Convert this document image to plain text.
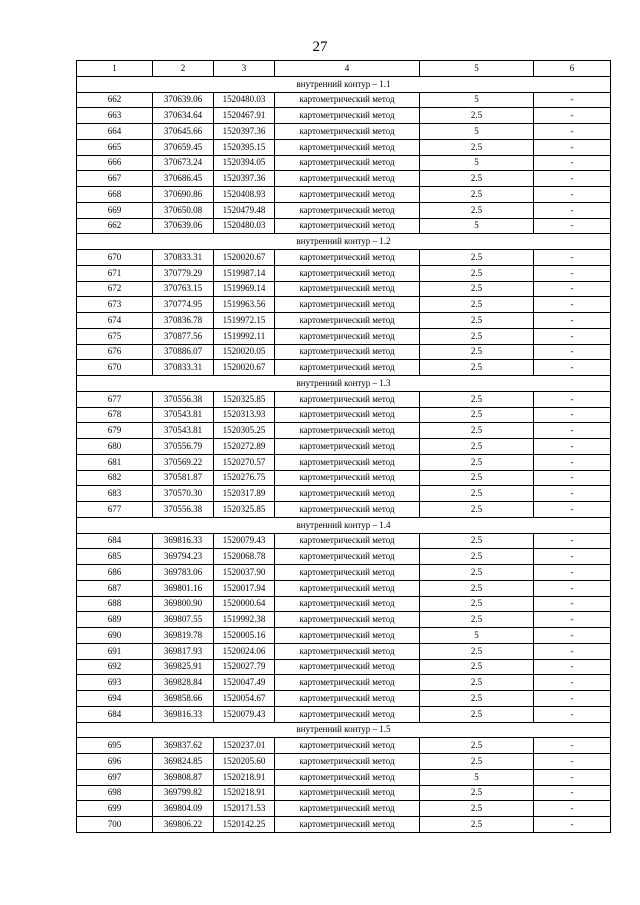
27
1	2	3	4	5	6
внутренний контур – 1.1					
662	370639.06	1520480.03	картометрический метод	5	-
663	370634.64	1520467.91	картометрический метод	2.5	-
664	370645.66	1520397.36	картометрический метод	5	-
665	370659.45	1520395.15	картометрический метод	2.5	-
666	370673.24	1520394.05	картометрический метод	5	-
667	370686.45	1520397.36	картометрический метод	2.5	-
668	370690.86	1520408.93	картометрический метод	2.5	-
669	370650.08	1520479.48	картометрический метод	2.5	-
662	370639.06	1520480.03	картометрический метод	5	-
внутренний контур – 1.2					
670	370833.31	1520020.67	картометрический метод	2.5	-
671	370779.29	1519987.14	картометрический метод	2.5	-
672	370763.15	1519969.14	картометрический метод	2.5	-
673	370774.95	1519963.56	картометрический метод	2.5	-
674	370836.78	1519972.15	картометрический метод	2.5	-
675	370877.56	1519992.11	картометрический метод	2.5	-
676	370886.07	1520020.05	картометрический метод	2.5	-
670	370833.31	1520020.67	картометрический метод	2.5	-
внутренний контур – 1.3					
677	370556.38	1520325.85	картометрический метод	2.5	-
678	370543.81	1520313.93	картометрический метод	2.5	-
679	370543.81	1520305.25	картометрический метод	2.5	-
680	370556.79	1520272.89	картометрический метод	2.5	-
681	370569.22	1520270.57	картометрический метод	2.5	-
682	370581.87	1520276.75	картометрический метод	2.5	-
683	370570.30	1520317.89	картометрический метод	2.5	-
677	370556.38	1520325.85	картометрический метод	2.5	-
внутренний контур – 1.4					
684	369816.33	1520079.43	картометрический метод	2.5	-
685	369794.23	1520068.78	картометрический метод	2.5	-
686	369783.06	1520037.90	картометрический метод	2.5	-
687	369801.16	1520017.94	картометрический метод	2.5	-
688	369800.90	1520000.64	картометрический метод	2.5	-
689	369807.55	1519992.38	картометрический метод	2.5	-
690	369819.78	1520005.16	картометрический метод	5	-
691	369817.93	1520024.06	картометрический метод	2.5	-
692	369825.91	1520027.79	картометрический метод	2.5	-
693	369828.84	1520047.49	картометрический метод	2.5	-
694	369858.66	1520054.67	картометрический метод	2.5	-
684	369816.33	1520079.43	картометрический метод	2.5	-
внутренний контур – 1.5					
695	369837.62	1520237.01	картометрический метод	2.5	-
696	369824.85	1520205.60	картометрический метод	2.5	-
697	369808.87	1520218.91	картометрический метод	5	-
698	369799.82	1520218.91	картометрический метод	2.5	-
699	369804.09	1520171.53	картометрический метод	2.5	-
700	369806.22	1520142.25	картометрический метод	2.5	-
